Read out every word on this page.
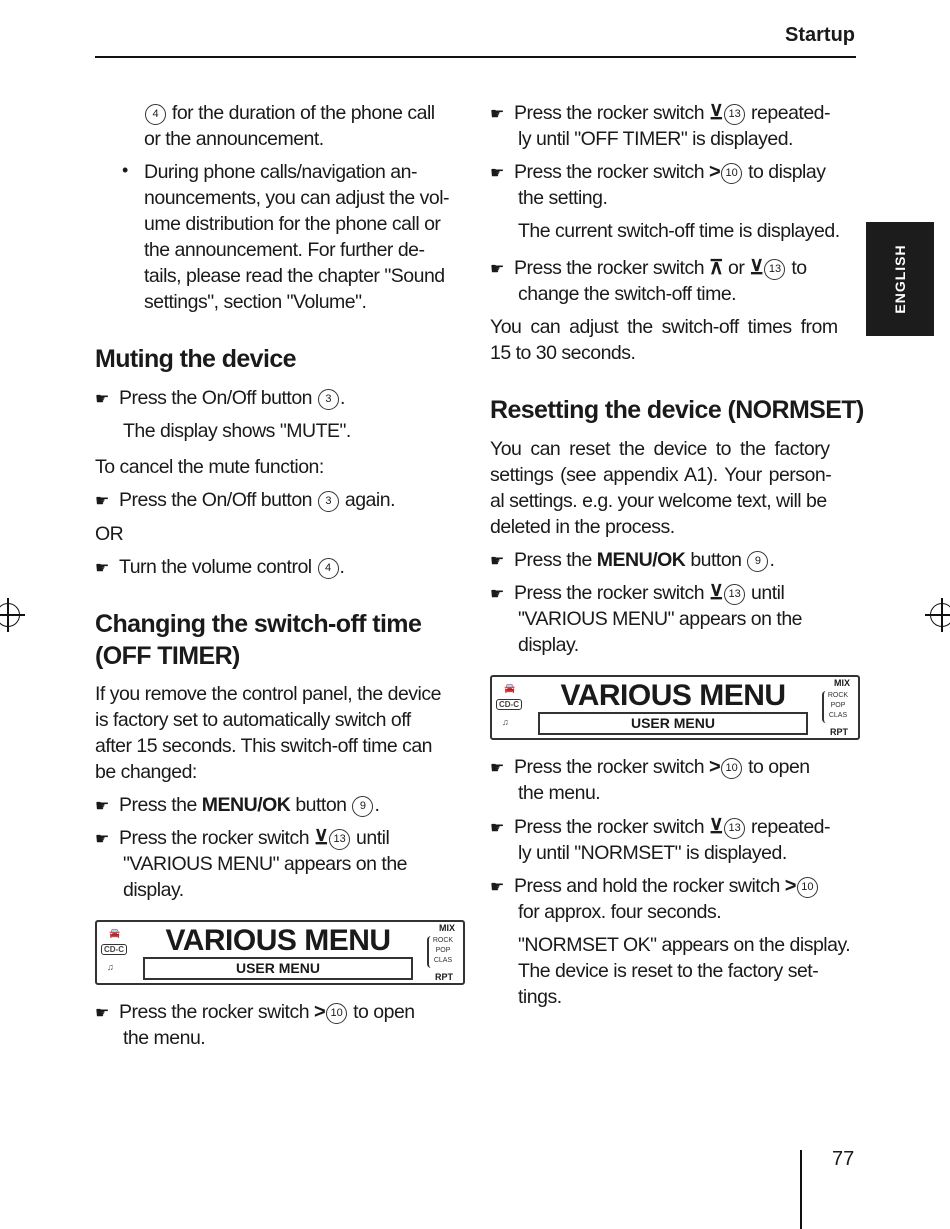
Startup
ENGLISH
4 for the duration of the phone call
or the announcement.
• During phone calls/navigation an-
nouncements, you can adjust the vol-
ume distribution for the phone call or
the announcement. For further de-
tails, please read the chapter "Sound
settings", section "Volume".
Muting the device
☛ Press the On/Off button 3 .
The display shows "MUTE".
To cancel the mute function:
☛ Press the On/Off button 3 again.
OR
☛ Turn the volume control 4 .
Changing the switch-off time
(OFF TIMER)
If you remove the control panel, the device
is factory set to automatically switch off
after 15 seconds. This switch-off time can
be changed:
☛ Press the MENU/OK button 9 .
☛ Press the rocker switch ⊻ 13 until
"VARIOUS MENU" appears on the
display.
🚘
CD-C
♫
VARIOUS MENU
USER MENU
MIX
ROCK
POP
CLAS
RPT
☛ Press the rocker switch > 10 to open
the menu.
☛ Press the rocker switch ⊻ 13 repeated-
ly until "OFF TIMER" is displayed.
☛ Press the rocker switch > 10 to display
the setting.
The current switch-off time is displayed.
☛ Press the rocker switch ⊼ or ⊻ 13 to
change the switch-off time.
You can adjust the switch-off times from
15 to 30 seconds.
Resetting the device (NORMSET)
You can reset the device to the factory
settings (see appendix A1). Your person-
al settings. e.g. your welcome text, will be
deleted in the process.
☛ Press the MENU/OK button 9 .
☛ Press the rocker switch ⊻ 13 until
"VARIOUS MENU" appears on the
display.
🚘
CD-C
♫
VARIOUS MENU
USER MENU
MIX
ROCK
POP
CLAS
RPT
☛ Press the rocker switch > 10 to open
the menu.
☛ Press the rocker switch ⊻ 13 repeated-
ly until "NORMSET" is displayed.
☛ Press and hold the rocker switch > 10
for approx. four seconds.
"NORMSET OK" appears on the display.
The device is reset to the factory set-
tings.
77
